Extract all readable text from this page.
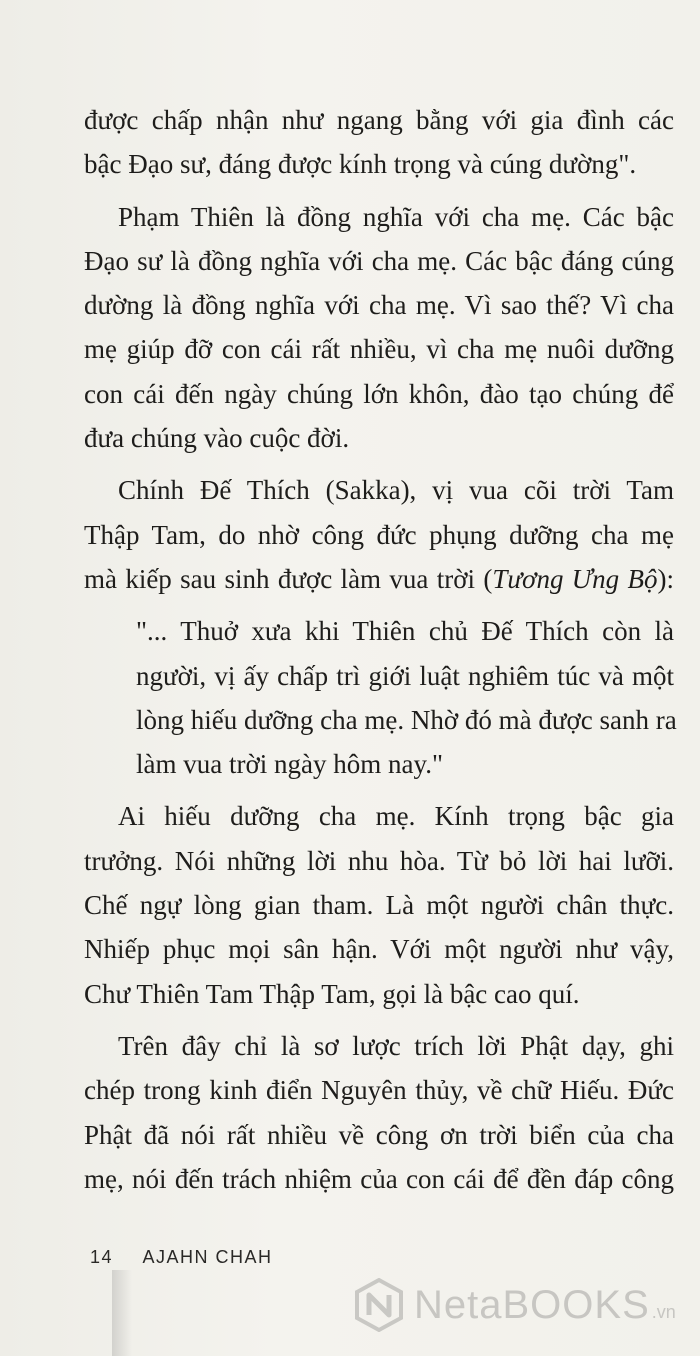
được chấp nhận như ngang bằng với gia đình các
bậc Đạo sư, đáng được kính trọng và cúng dường".
Phạm Thiên là đồng nghĩa với cha mẹ. Các bậc
Đạo sư là đồng nghĩa với cha mẹ. Các bậc đáng cúng
dường là đồng nghĩa với cha mẹ. Vì sao thế? Vì cha
mẹ giúp đỡ con cái rất nhiều, vì cha mẹ nuôi dưỡng
con cái đến ngày chúng lớn khôn, đào tạo chúng để
đưa chúng vào cuộc đời.
Chính Đế Thích (Sakka), vị vua cõi trời Tam
Thập Tam, do nhờ công đức phụng dưỡng cha mẹ
mà kiếp sau sinh được làm vua trời (Tương Ưng Bộ):
"... Thuở xưa khi Thiên chủ Đế Thích còn là
người, vị ấy chấp trì giới luật nghiêm túc và một
lòng hiếu dưỡng cha mẹ. Nhờ đó mà được sanh ra
làm vua trời ngày hôm nay."
Ai hiếu dưỡng cha mẹ. Kính trọng bậc gia
trưởng. Nói những lời nhu hòa. Từ bỏ lời hai lưỡi.
Chế ngự lòng gian tham. Là một người chân thực.
Nhiếp phục mọi sân hận. Với một người như vậy,
Chư Thiên Tam Thập Tam, gọi là bậc cao quí.
Trên đây chỉ là sơ lược trích lời Phật dạy, ghi
chép trong kinh điển Nguyên thủy, về chữ Hiếu. Đức
Phật đã nói rất nhiều về công ơn trời biển của cha
mẹ, nói đến trách nhiệm của con cái để đền đáp công
14 AJAHN CHAH
NetaBOOKS .vn
